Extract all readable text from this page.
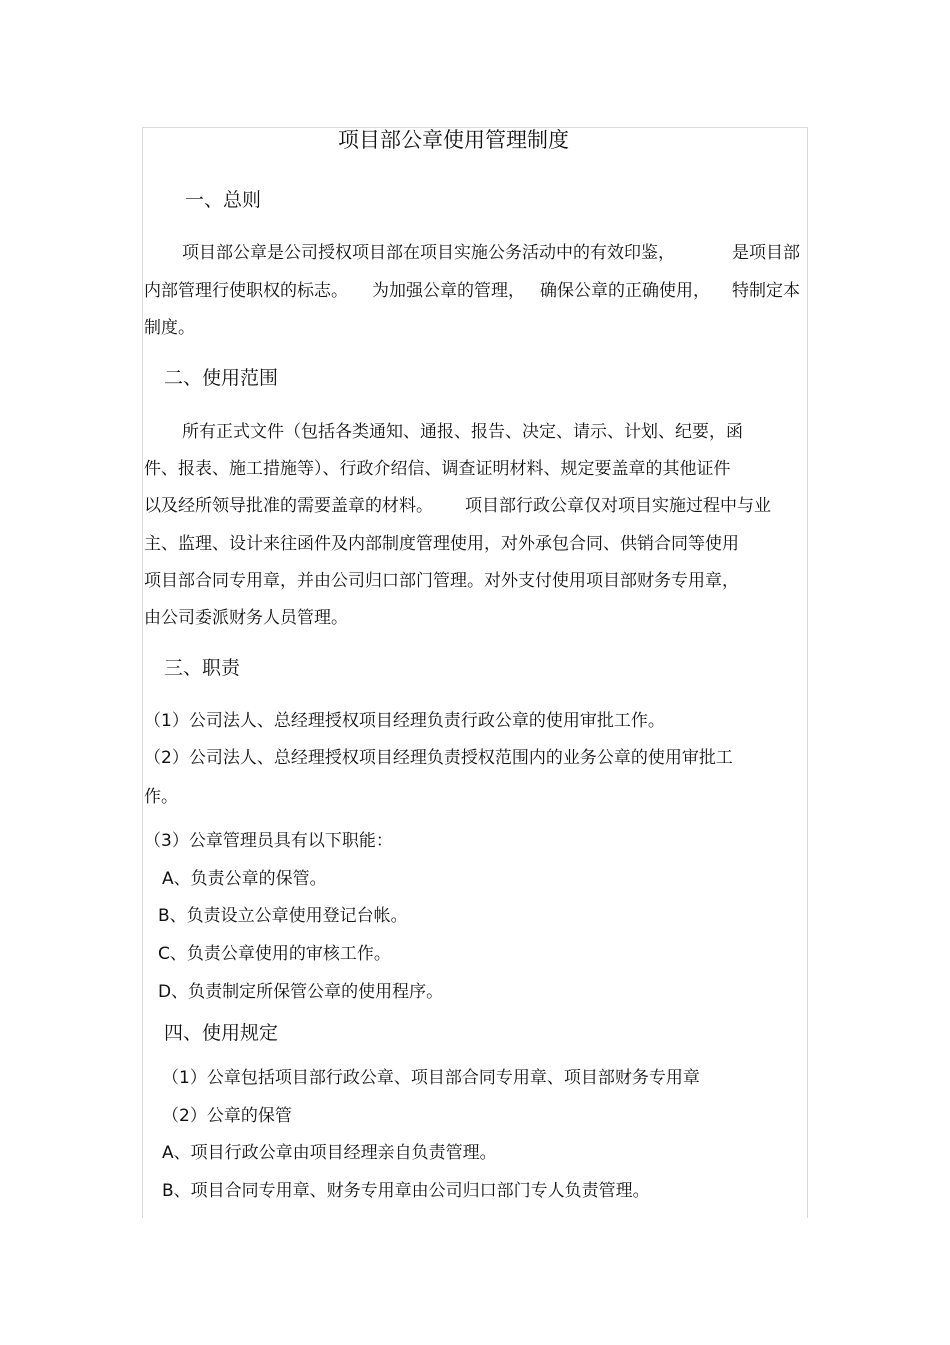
项目部公章使用管理制度
一、总则
项目部公章是公司授权项目部在项目实施公务活动中的有效印鉴，	是项目部
内部管理行使职权的标志。 为加强公章的管理， 确保公章的正确使用， 特制定本
制度。
二、使用范围
所有正式文件（包括各类通知、通报、报告、决定、请示、计划、纪要，函
件、报表、施工措施等）、行政介绍信、调查证明材料、规定要盖章的其他证件
以及经所领导批准的需要盖章的材料。 项目部行政公章仅对项目实施过程中与业
主、监理、设计来往函件及内部制度管理使用，对外承包合同、供销合同等使用
项目部合同专用章，并由公司归口部门管理。对外支付使用项目部财务专用章，
由公司委派财务人员管理。
三、职责
（1）公司法人、总经理授权项目经理负责行政公章的使用审批工作。
（2）公司法人、总经理授权项目经理负责授权范围内的业务公章的使用审批工
作。
（3）公章管理员具有以下职能：
A、负责公章的保管。
B、负责设立公章使用登记台帐。
C、负责公章使用的审核工作。
D、负责制定所保管公章的使用程序。
四、使用规定
（1）公章包括项目部行政公章、项目部合同专用章、项目部财务专用章
（2）公章的保管
A、项目行政公章由项目经理亲自负责管理。
B、项目合同专用章、财务专用章由公司归口部门专人负责管理。
